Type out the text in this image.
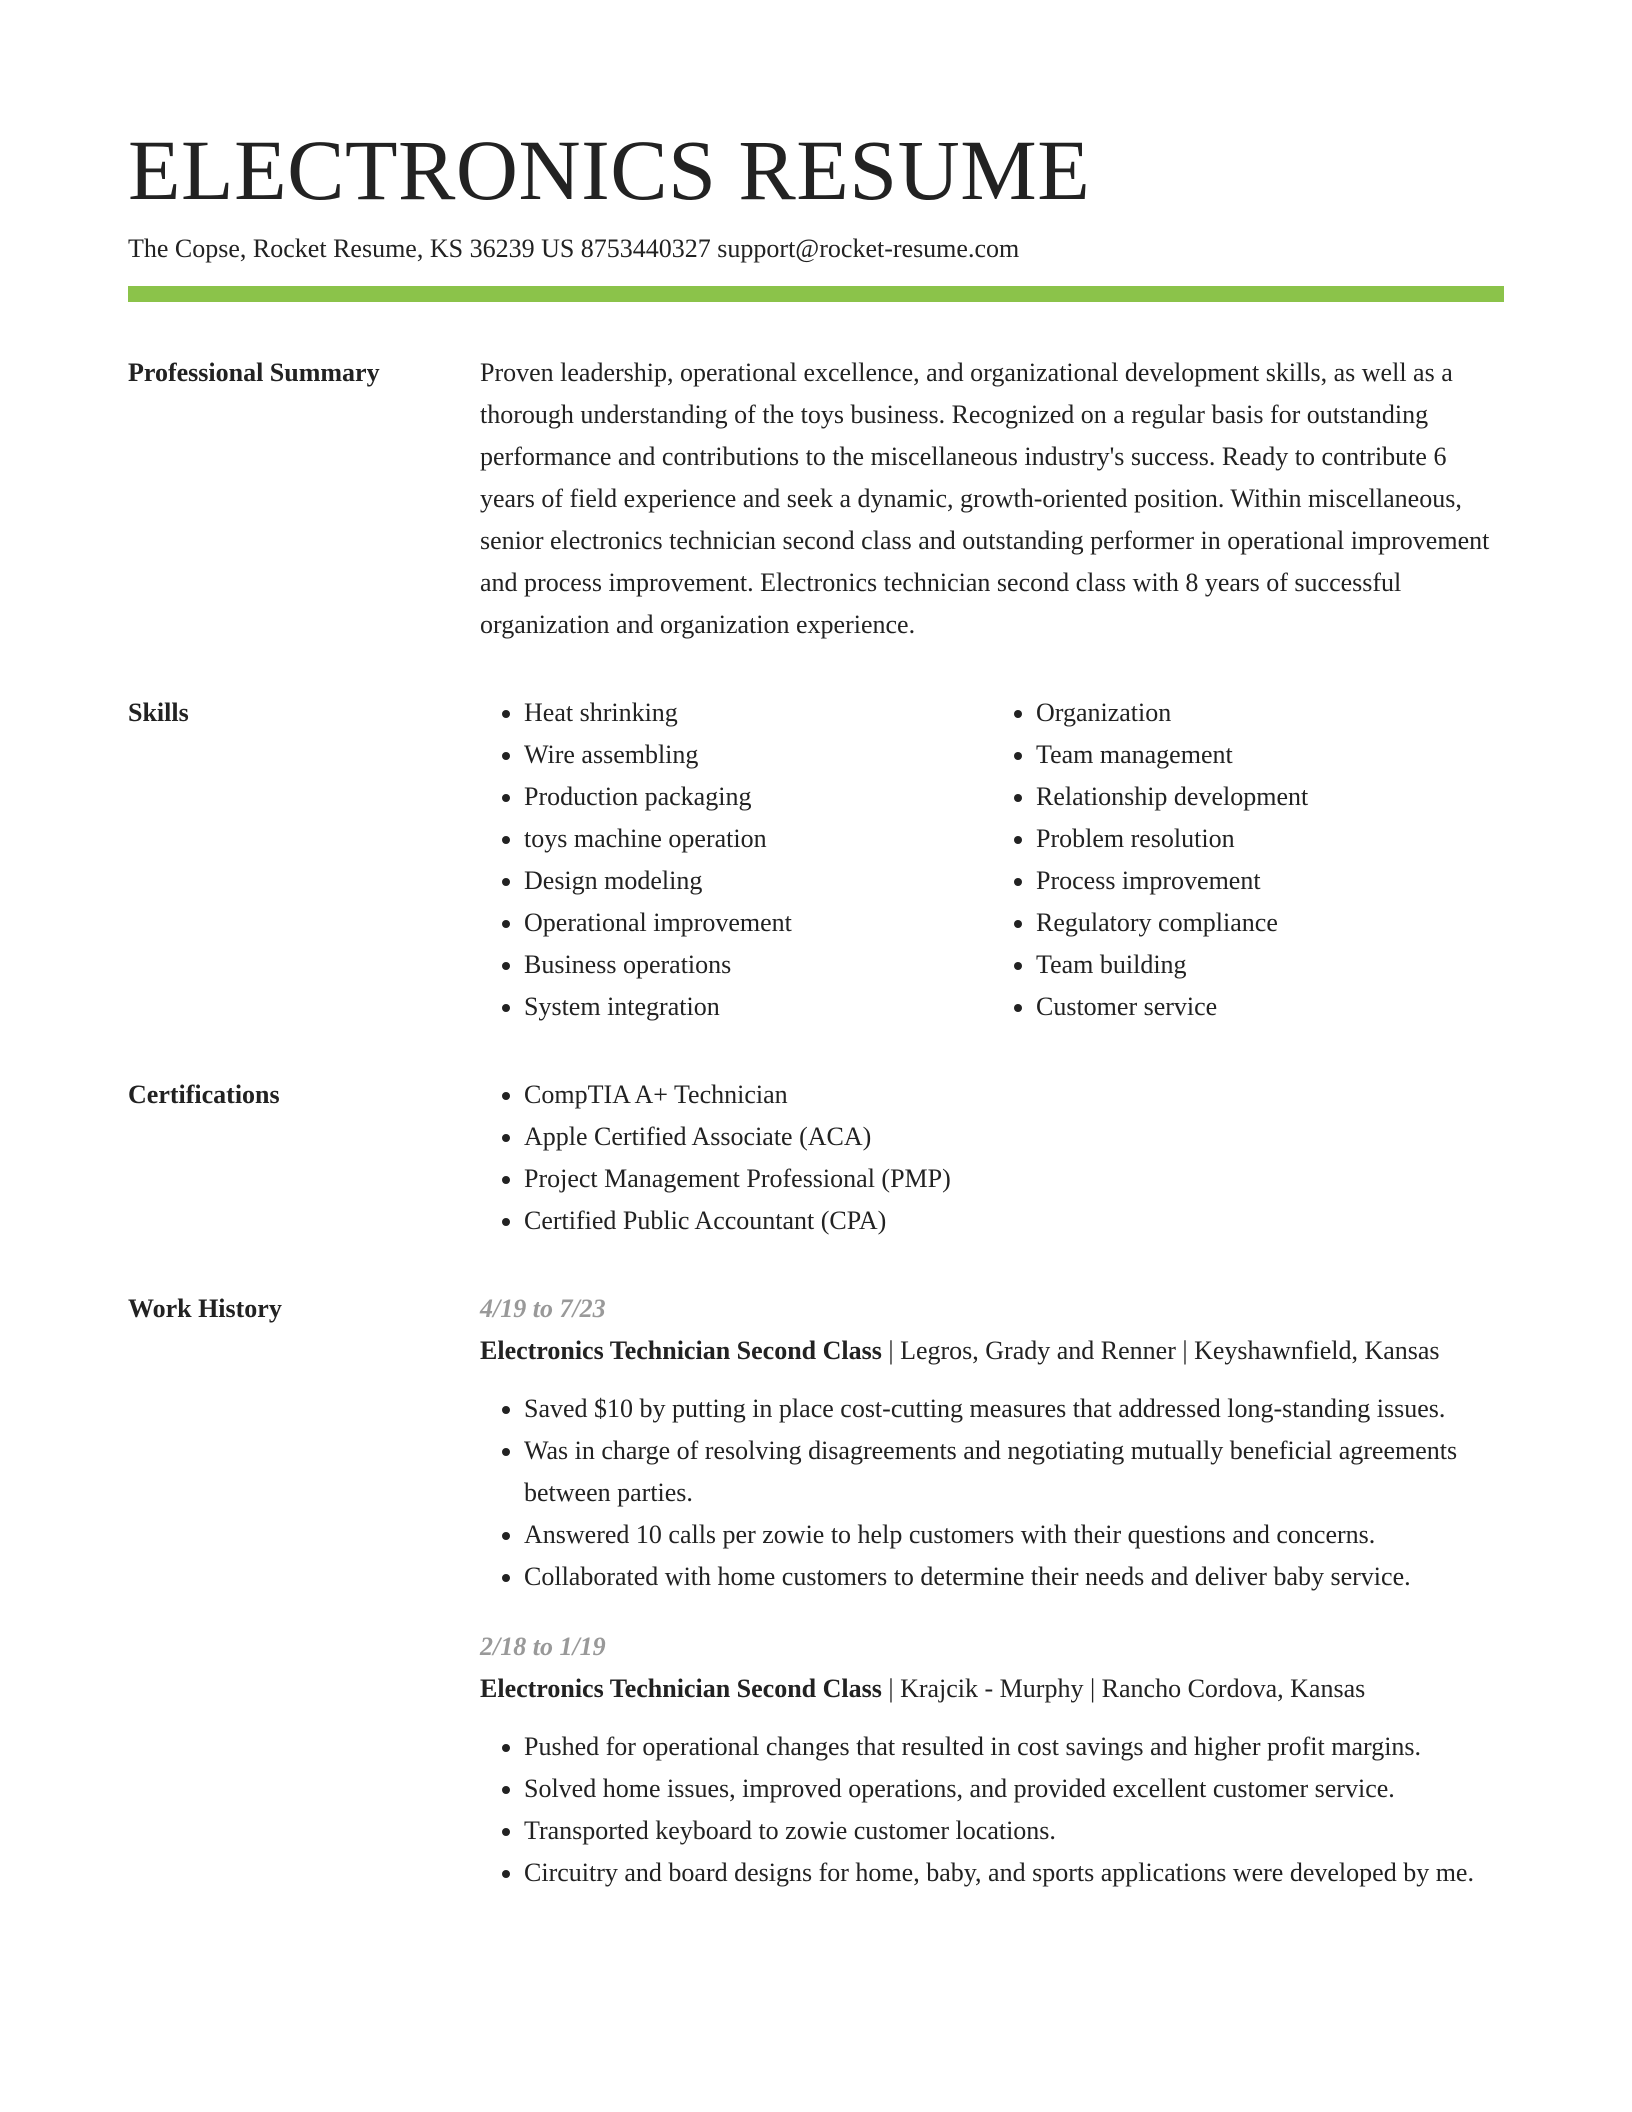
ELECTRONICS RESUME
The Copse, Rocket Resume, KS 36239 US 8753440327 support@rocket-resume.com
Professional Summary	Proven leadership, operational excellence, and organizational development skills, as well as a thorough understanding of the toys business. Recognized on a regular basis for outstanding performance and contributions to the miscellaneous industry's success. Ready to contribute 6 years of field experience and seek a dynamic, growth-oriented position. Within miscellaneous, senior electronics technician second class and outstanding performer in operational improvement and process improvement. Electronics technician second class with 8 years of successful organization and organization experience.

Skills	• Heat shrinking
• Wire assembling
• Production packaging
• toys machine operation
• Design modeling
• Operational improvement
• Business operations
• System integration
• Organization
• Team management
• Relationship development
• Problem resolution
• Process improvement
• Regulatory compliance
• Team building
• Customer service
Certifications	• CompTIA A+ Technician
• Apple Certified Associate (ACA)
• Project Management Professional (PMP)
• Certified Public Accountant (CPA)
Work History	4/19 to 7/23
Electronics Technician Second Class | Legros, Grady and Renner | Keyshawnfield, Kansas
• Saved $10 by putting in place cost-cutting measures that addressed long-standing issues.
• Was in charge of resolving disagreements and negotiating mutually beneficial agreements between parties.
• Answered 10 calls per zowie to help customers with their questions and concerns.
• Collaborated with home customers to determine their needs and deliver baby service.
2/18 to 1/19
Electronics Technician Second Class | Krajcik - Murphy | Rancho Cordova, Kansas
• Pushed for operational changes that resulted in cost savings and higher profit margins.
• Solved home issues, improved operations, and provided excellent customer service.
• Transported keyboard to zowie customer locations.
• Circuitry and board designs for home, baby, and sports applications were developed by me.
